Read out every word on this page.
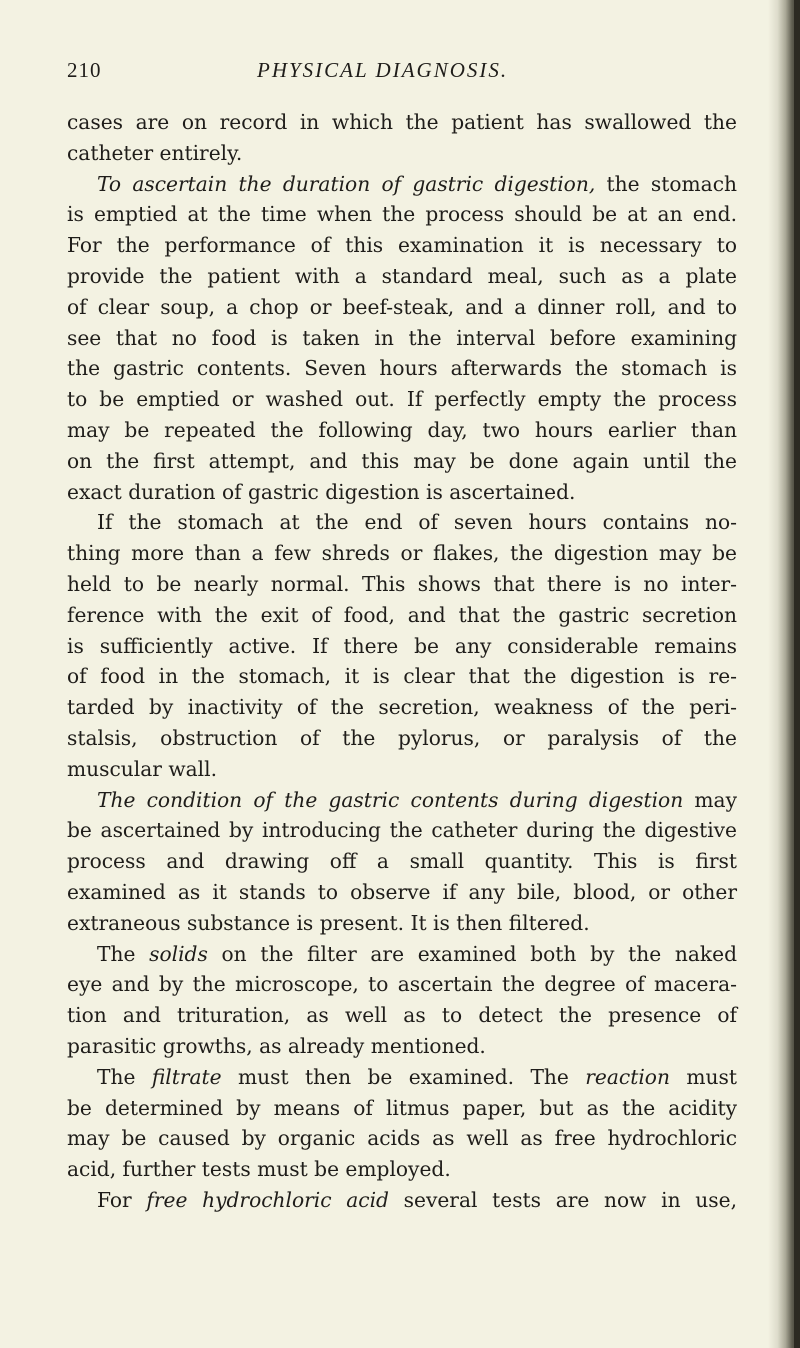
210	PHYSICAL DIAGNOSIS.
cases are on record in which the patient has swallowed the
catheter entirely.
To ascertain the duration of gastric digestion, the stomach
is emptied at the time when the process should be at an end.
For the performance of this examination it is necessary to
provide the patient with a standard meal, such as a plate
of clear soup, a chop or beef-steak, and a dinner roll, and to
see that no food is taken in the interval before examining
the gastric contents. Seven hours afterwards the stomach is
to be emptied or washed out. If perfectly empty the process
may be repeated the following day, two hours earlier than
on the first attempt, and this may be done again until the
exact duration of gastric digestion is ascertained.
If the stomach at the end of seven hours contains no-
thing more than a few shreds or flakes, the digestion may be
held to be nearly normal. This shows that there is no inter-
ference with the exit of food, and that the gastric secretion
is sufficiently active. If there be any considerable remains
of food in the stomach, it is clear that the digestion is re-
tarded by inactivity of the secretion, weakness of the peri-
stalsis, obstruction of the pylorus, or paralysis of the
muscular wall.
The condition of the gastric contents during digestion may
be ascertained by introducing the catheter during the digestive
process and drawing off a small quantity. This is first
examined as it stands to observe if any bile, blood, or other
extraneous substance is present. It is then filtered.
The solids on the filter are examined both by the naked
eye and by the microscope, to ascertain the degree of macera-
tion and trituration, as well as to detect the presence of
parasitic growths, as already mentioned.
The filtrate must then be examined. The reaction must
be determined by means of litmus paper, but as the acidity
may be caused by organic acids as well as free hydrochloric
acid, further tests must be employed.
For free hydrochloric acid several tests are now in use,
